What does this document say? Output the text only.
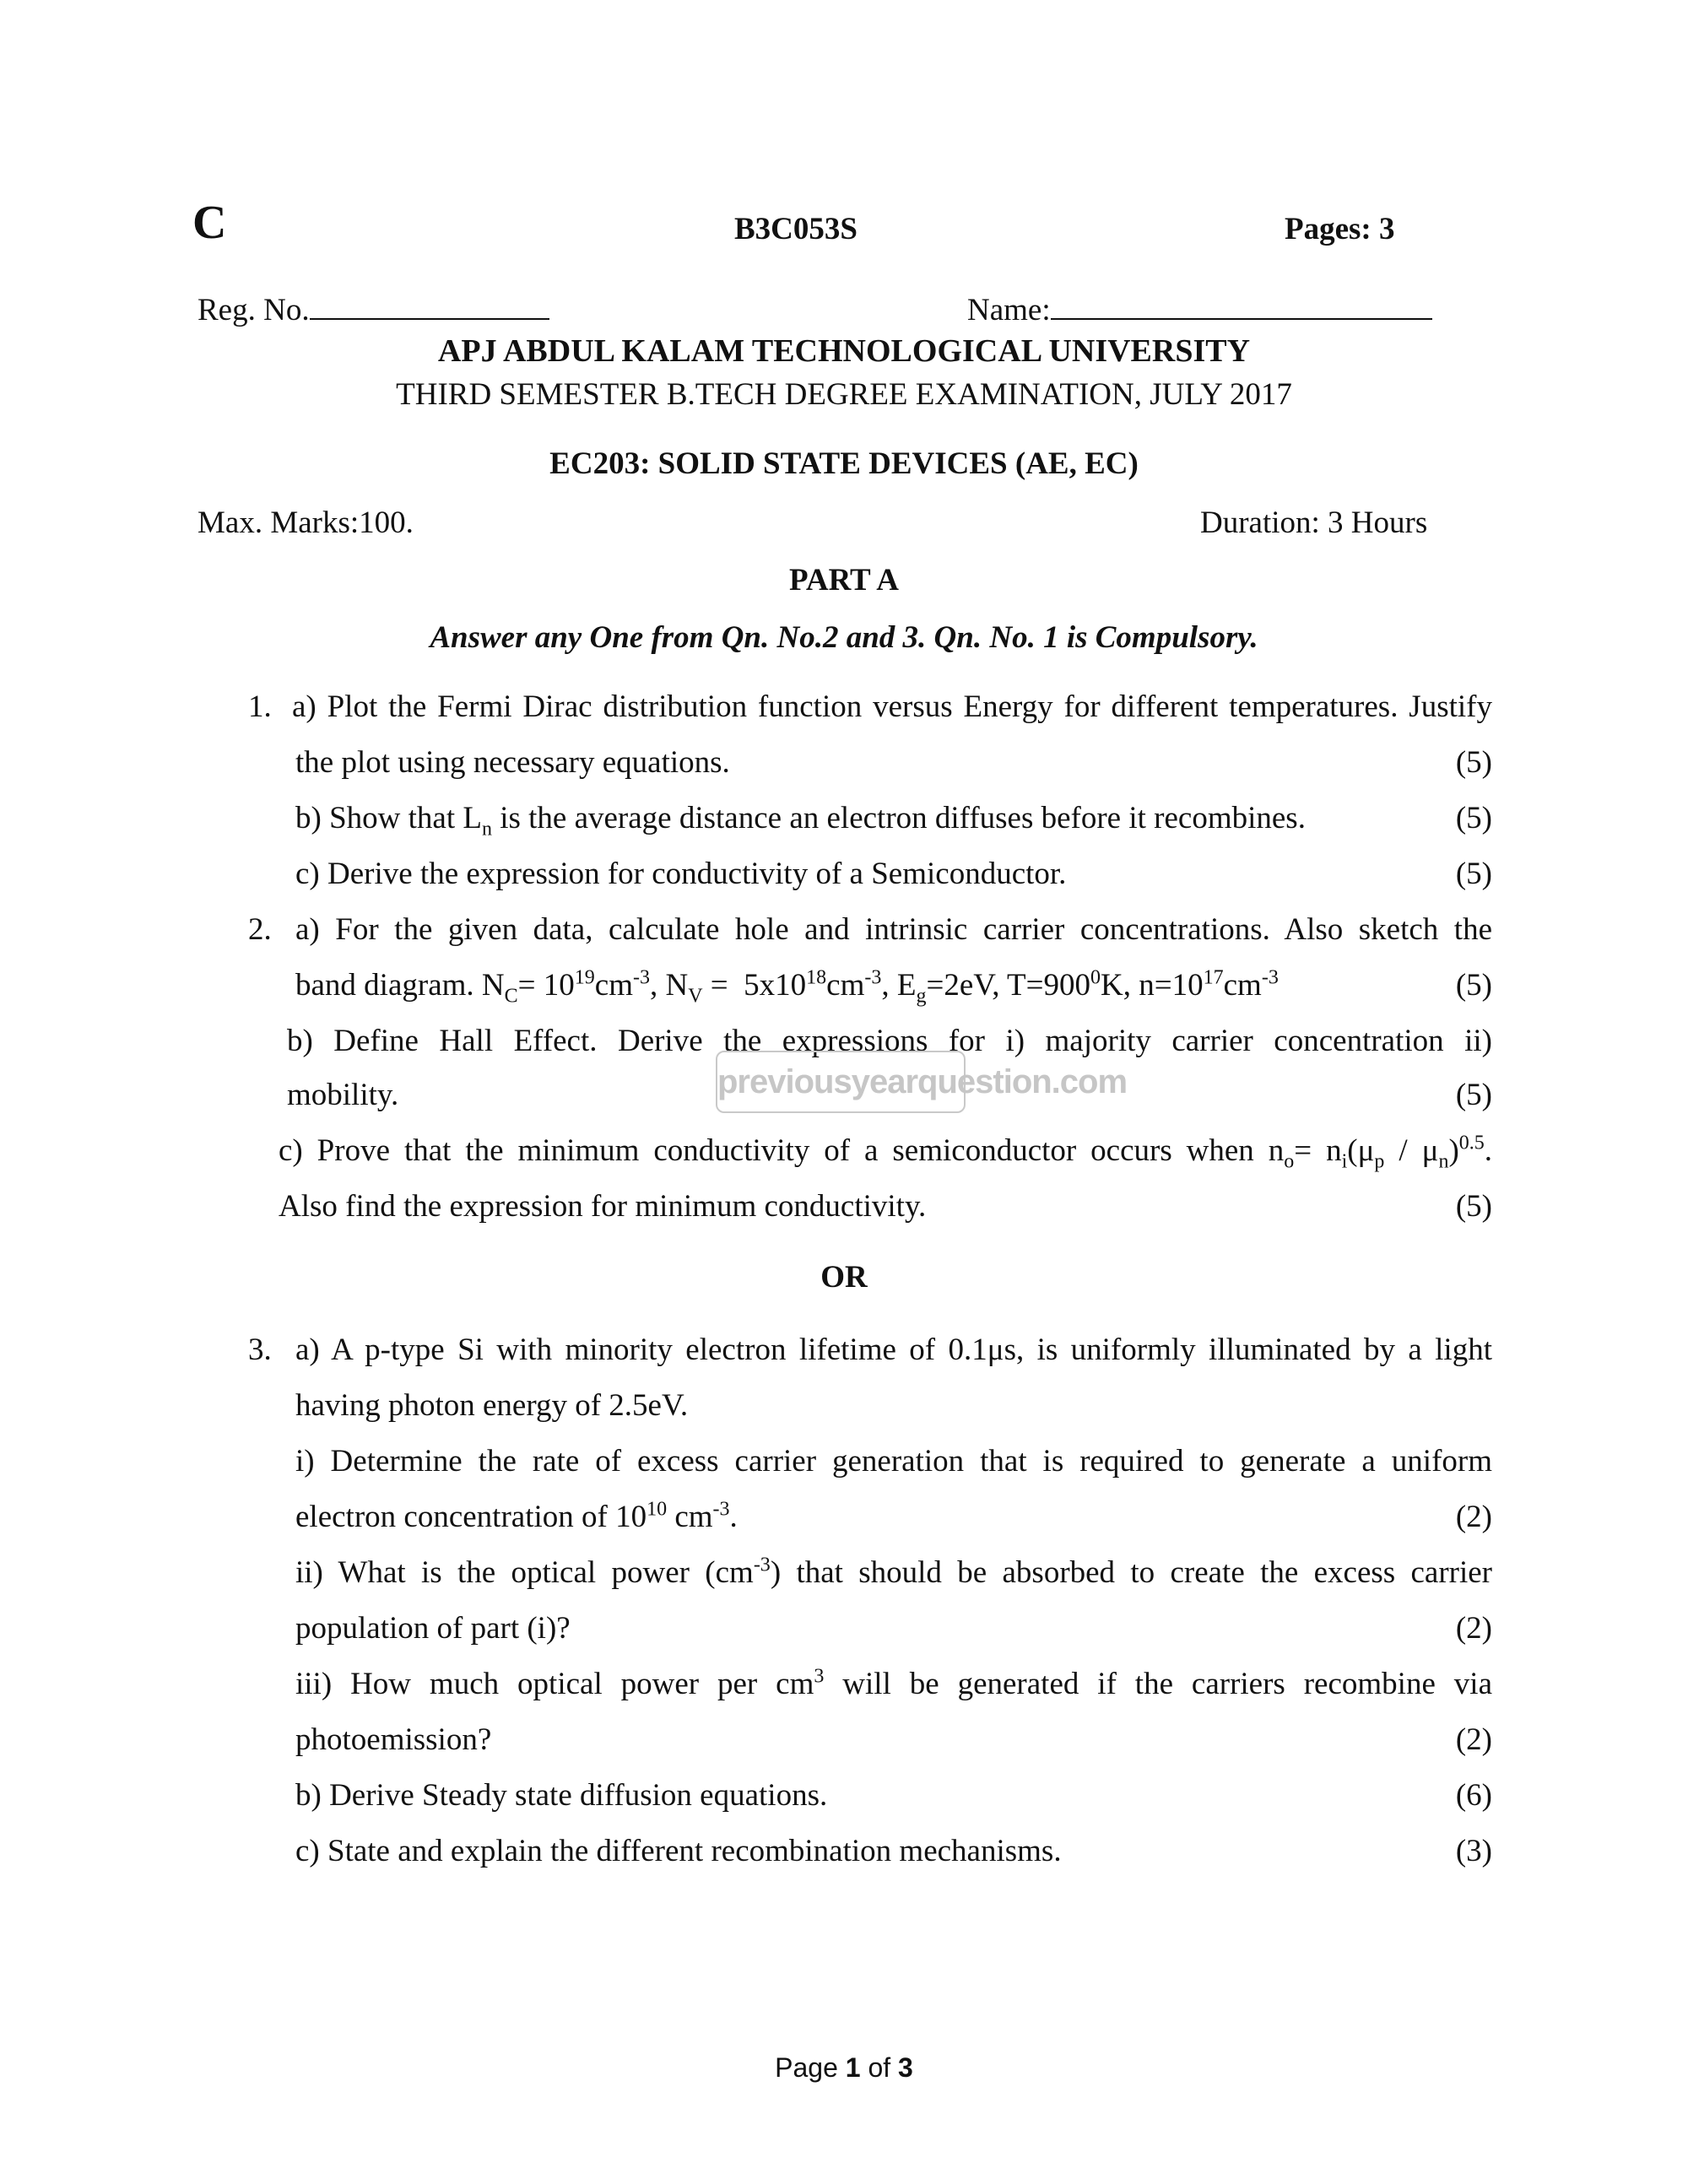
C	B3C053S	Pages: 3
Reg. No.	Name:
APJ ABDUL KALAM TECHNOLOGICAL UNIVERSITY
THIRD SEMESTER B.TECH DEGREE EXAMINATION, JULY 2017
EC203: SOLID STATE DEVICES (AE, EC)
Max. Marks:100.	Duration: 3 Hours
PART A
Answer any One from Qn. No.2 and 3. Qn. No. 1 is Compulsory.
1. a) Plot the Fermi Dirac distribution function versus Energy for different temperatures. Justify
the plot using necessary equations.	(5)
b) Show that $L_n$ is the average distance an electron diffuses before it recombines.	(5)
c) Derive the expression for conductivity of a Semiconductor.	(5)
2. a) For the given data, calculate hole and intrinsic carrier concentrations. Also sketch the
band diagram. $N_C= 10^{19}cm^{-3}$, $N_V = 5x10^{18}cm^{-3}$, $E_g=2eV$, $T=900^0K$, $n=10^{17}cm^{-3}$	(5)
b) Define Hall Effect. Derive the expressions for i) majority carrier concentration ii)
mobility.	(5)
previousyearquestion.com
c) Prove that the minimum conductivity of a semiconductor occurs when $n_o= n_i(\mu_p / \mu_n)^{0.5}$.
Also find the expression for minimum conductivity.	(5)
OR
3. a) A p-type Si with minority electron lifetime of 0.1μs, is uniformly illuminated by a light
having photon energy of 2.5eV.
i) Determine the rate of excess carrier generation that is required to generate a uniform
electron concentration of $10^{10}$ $cm^{-3}$.	(2)
ii) What is the optical power $(cm^{-3})$ that should be absorbed to create the excess carrier
population of part (i)?	(2)
iii) How much optical power per $cm^3$ will be generated if the carriers recombine via
photoemission?	(2)
b) Derive Steady state diffusion equations.	(6)
c) State and explain the different recombination mechanisms.	(3)
Page 1 of 3
